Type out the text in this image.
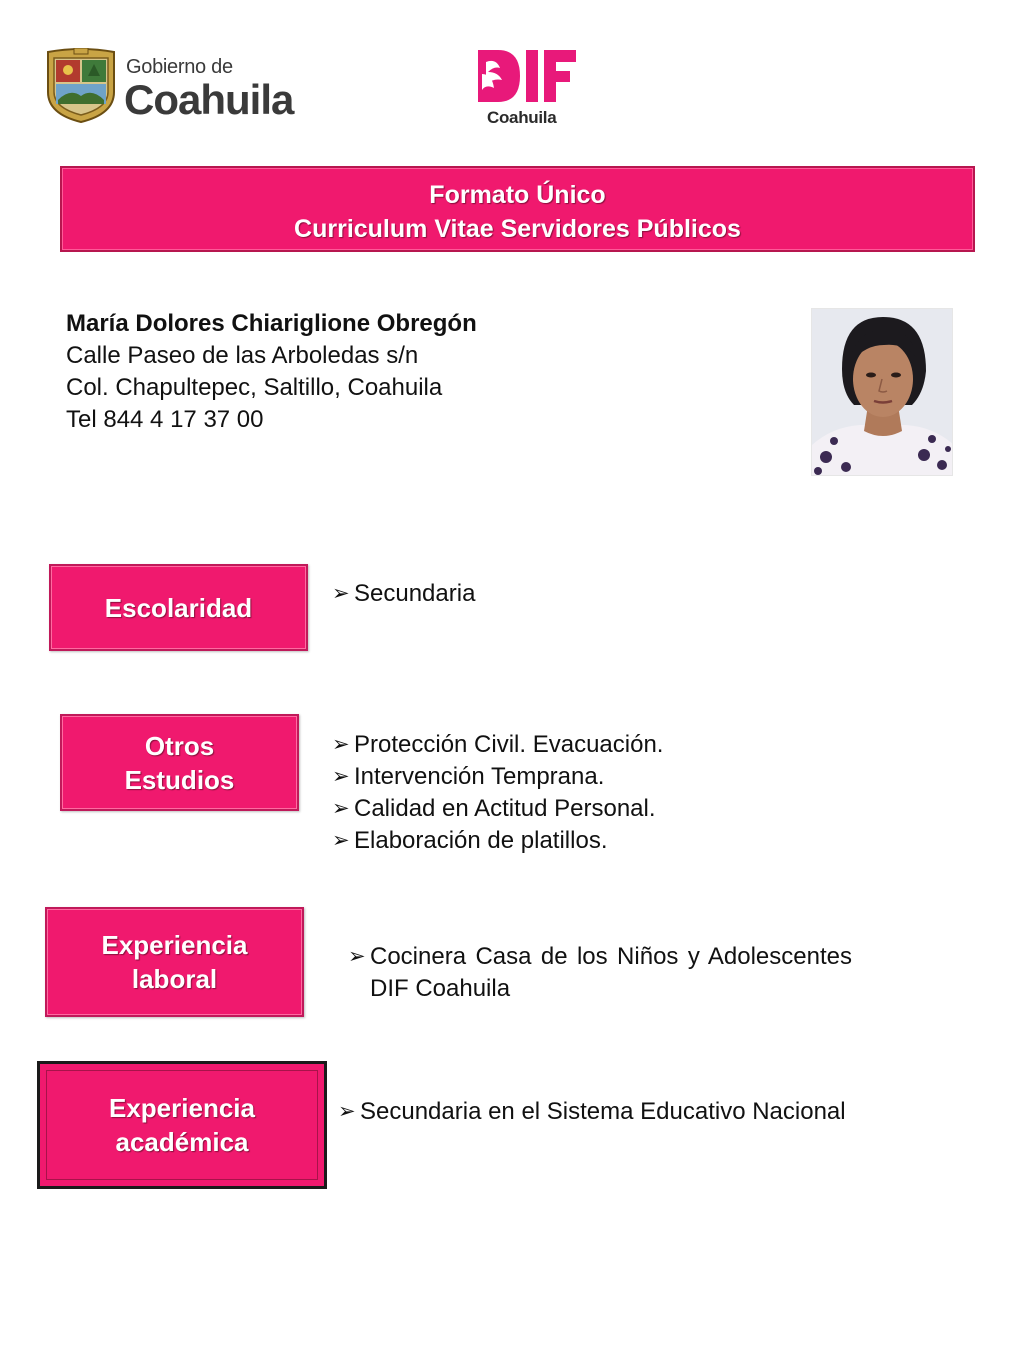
Gobierno de
Coahuila	Coahuila
Formato Único
Curriculum Vitae Servidores Públicos
María Dolores Chiariglione Obregón
Calle Paseo de las Arboledas s/n
Col. Chapultepec, Saltillo, Coahuila
Tel 844 4 17 37 00
Escolaridad
➢	Secundaria
Otros
Estudios
➢ Protección Civil. Evacuación.
➢ Intervención Temprana.
➢ Calidad en Actitud Personal.
➢ Elaboración de platillos.
Experiencia
laboral
➢ Cocinera Casa de los Niños y Adolescentes DIF Coahuila
Experiencia
académica
➢ Secundaria en el Sistema Educativo Nacional
